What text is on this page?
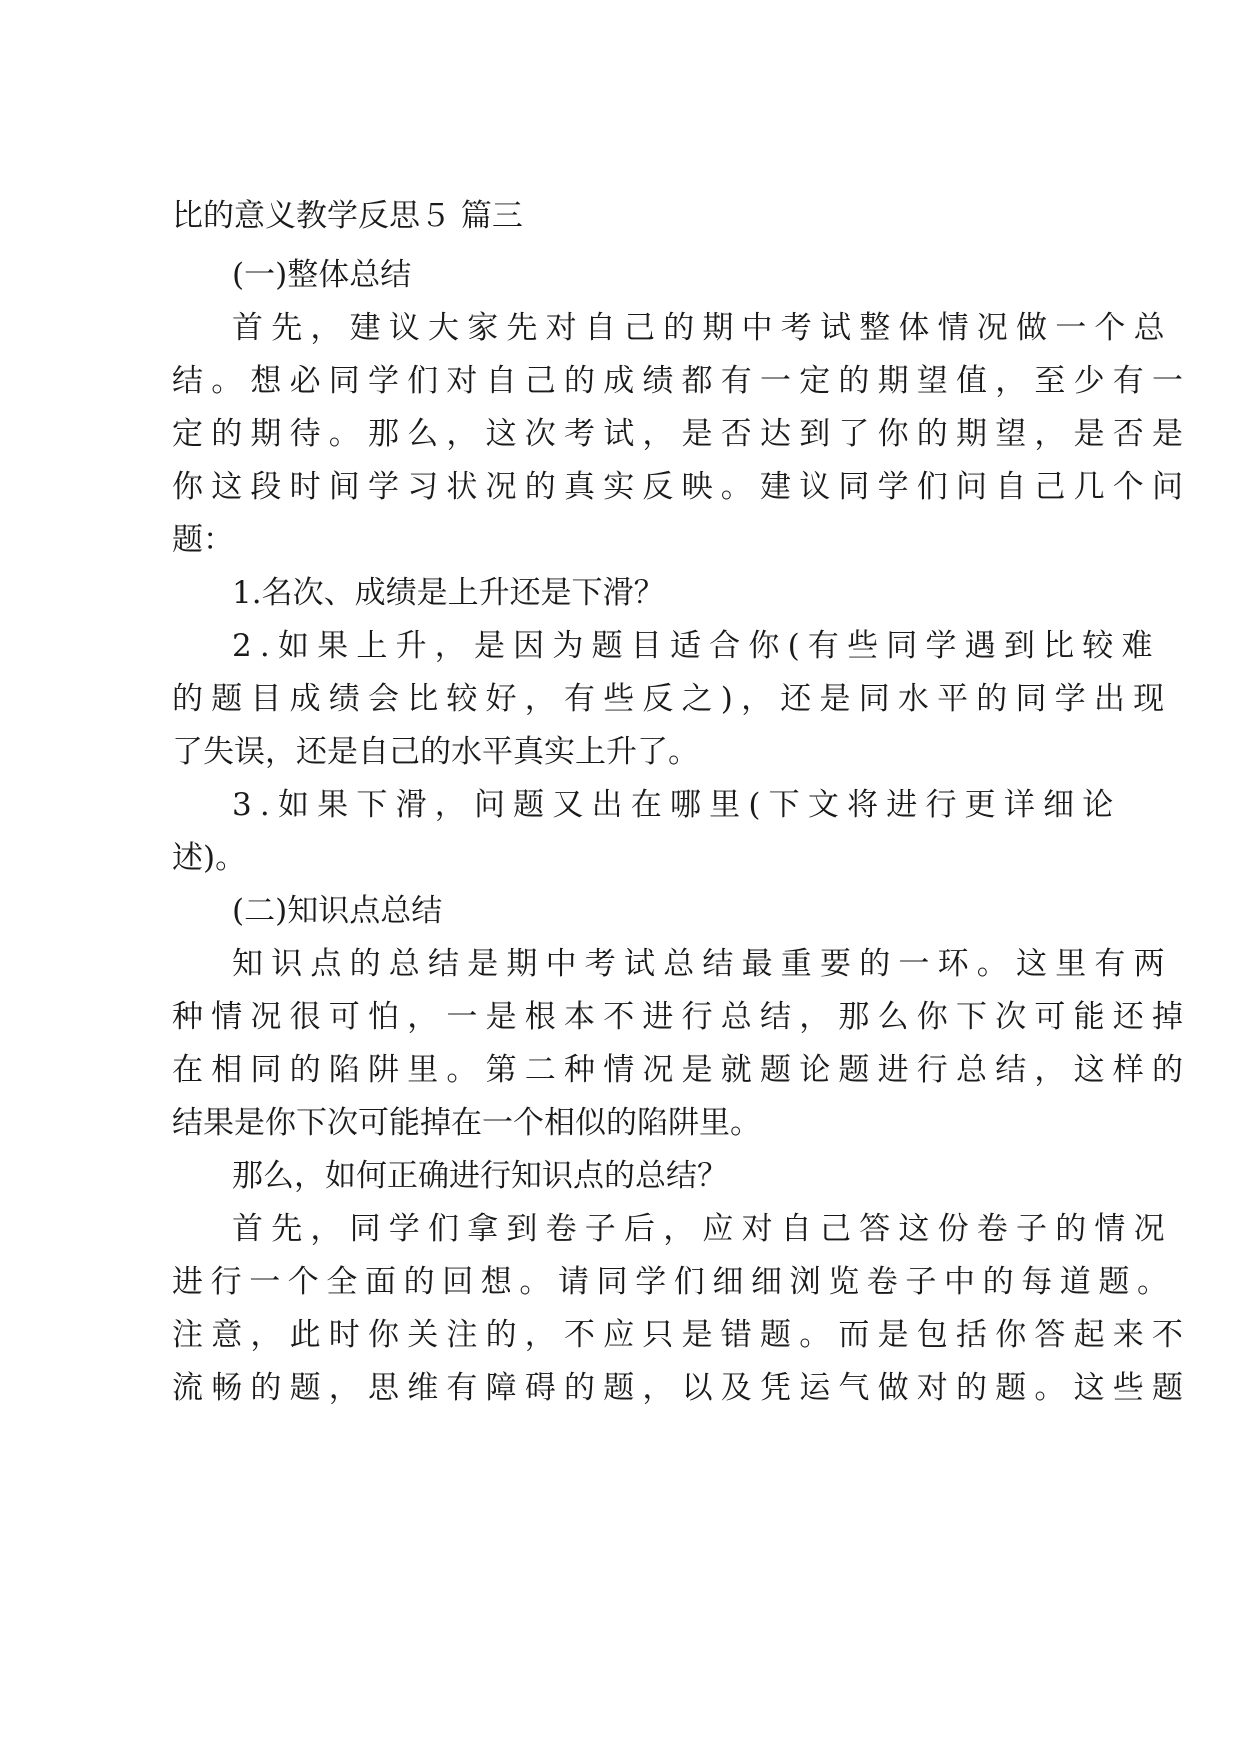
比的意义教学反思５ 篇三

(一)整体总结

首先，建议大家先对自己的期中考试整体情况做一个总

结。想必同学们对自己的成绩都有一定的期望值，至少有一

定的期待。那么，这次考试，是否达到了你的期望，是否是

你这段时间学习状况的真实反映。建议同学们问自己几个问

题：

1.名次、成绩是上升还是下滑？

2.如果上升，是因为题目适合你(有些同学遇到比较难

的题目成绩会比较好，有些反之)，还是同水平的同学出现

了失误，还是自己的水平真实上升了。

3.如果下滑，问题又出在哪里(下文将进行更详细论

述)。

(二)知识点总结

知识点的总结是期中考试总结最重要的一环。这里有两

种情况很可怕，一是根本不进行总结，那么你下次可能还掉

在相同的陷阱里。第二种情况是就题论题进行总结，这样的

结果是你下次可能掉在一个相似的陷阱里。

那么，如何正确进行知识点的总结？

首先，同学们拿到卷子后，应对自己答这份卷子的情况

进行一个全面的回想。请同学们细细浏览卷子中的每道题。

注意，此时你关注的，不应只是错题。而是包括你答起来不

流畅的题，思维有障碍的题，以及凭运气做对的题。这些题
